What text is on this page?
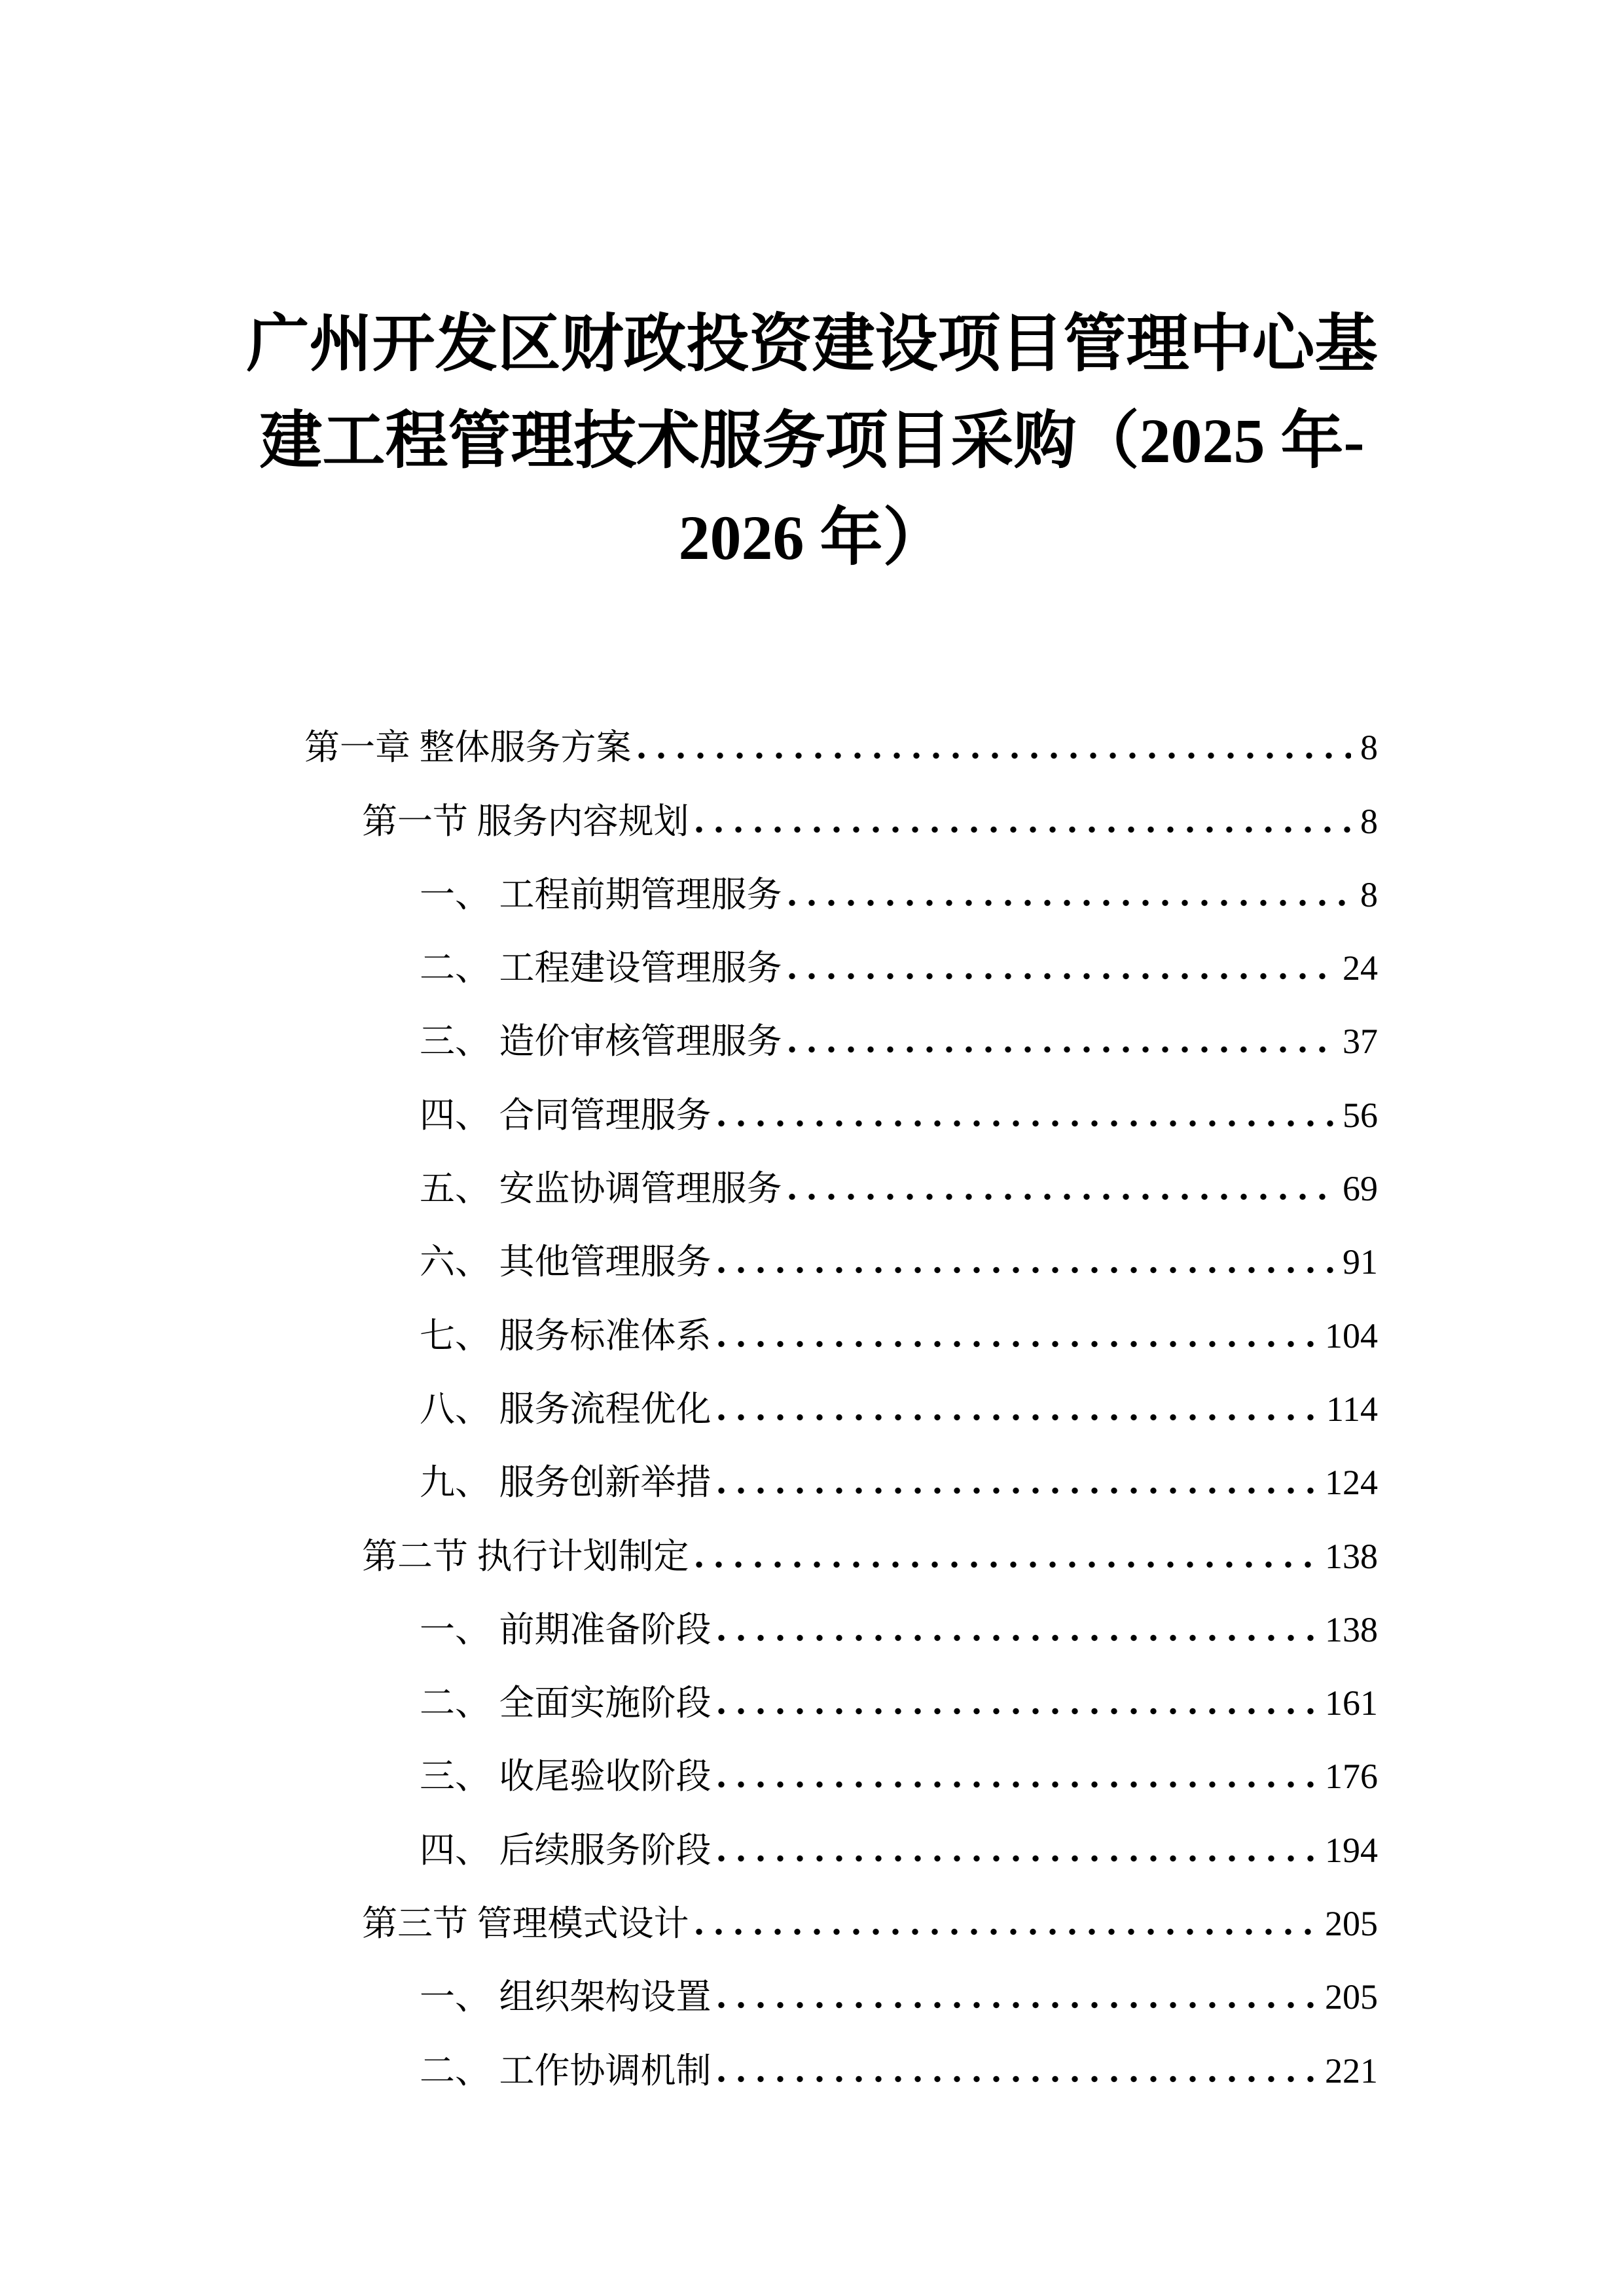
广州开发区财政投资建设项目管理中心基
建工程管理技术服务项目采购（2025 年-
2026 年）
第一章 整体服务方案	8
第一节 服务内容规划	8
一、 工程前期管理服务	8
二、 工程建设管理服务	24
三、 造价审核管理服务	37
四、 合同管理服务	56
五、 安监协调管理服务	69
六、 其他管理服务	91
七、 服务标准体系	104
八、 服务流程优化	114
九、 服务创新举措	124
第二节 执行计划制定	138
一、 前期准备阶段	138
二、 全面实施阶段	161
三、 收尾验收阶段	176
四、 后续服务阶段	194
第三节 管理模式设计	205
一、 组织架构设置	205
二、 工作协调机制	221
